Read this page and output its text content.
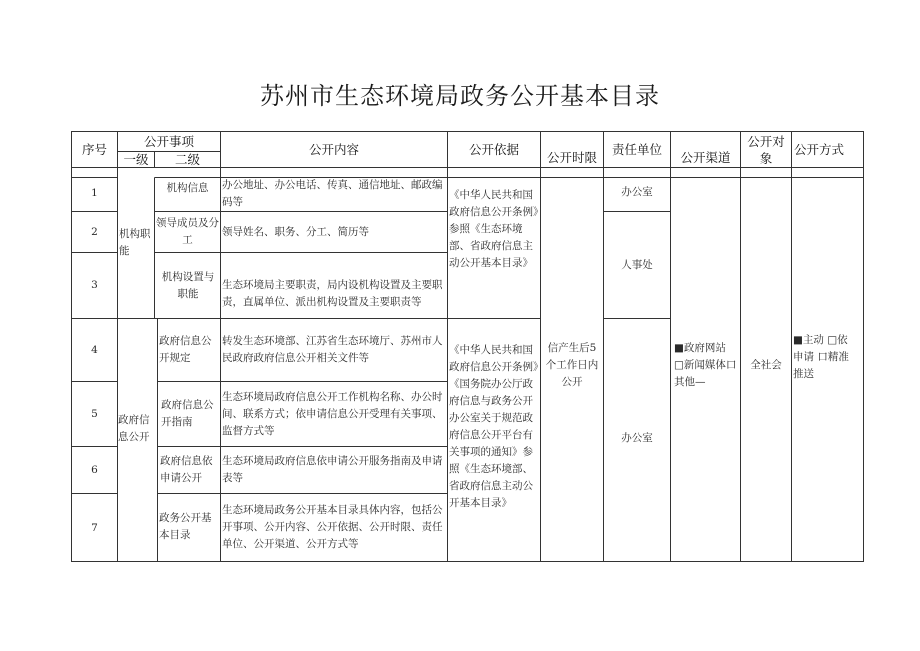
苏州市生态环境局政务公开基本目录
序号
公开事项
一级	二级
公开内容	公开依据
公开时限
责任单位
公开渠道
公开对象
公开方式
1
2
3
4
5
6
7
机构职能
政府信息公开
机构信息
领导成员及分工
机构设置与职能
政府信息公开规定
政府信息公开指南
政府信息依申请公开
政务公开基本目录
办公地址、办公电话、传真、通信地址、邮政编码等
领导姓名、职务、分工、简历等
生态环境局主要职责，局内设机构设置及主要职责，直属单位、派出机构设置及主要职责等
转发生态环境部、江苏省生态环境厅、苏州市人民政府政府信息公开相关文件等
生态环境局政府信息公开工作机构名称、办公时间、联系方式；依申请信息公开受理有关事项、监督方式等
生态环境局政府信息依申请公开服务指南及申请表等
生态环境局政务公开基本目录具体内容，包括公开事项、公开内容、公开依据、公开时限、责任单位、公开渠道、公开方式等
《中华人民共和国政府信息公开条例》参照《生态环境部、省政府信息主动公开基本目录》
《中华人民共和国政府信息公开条例》《国务院办公厅政府信息与政务公开办公室关于规范政府信息公开平台有关事项的通知》参照《生态环境部、省政府信息主动公开基本目录》
信产生后5个工作日内公开
办公室
人事处
办公室
■政府网站 □新闻媒体口其他—
全社会
■主动 □依申请 口精准推送
